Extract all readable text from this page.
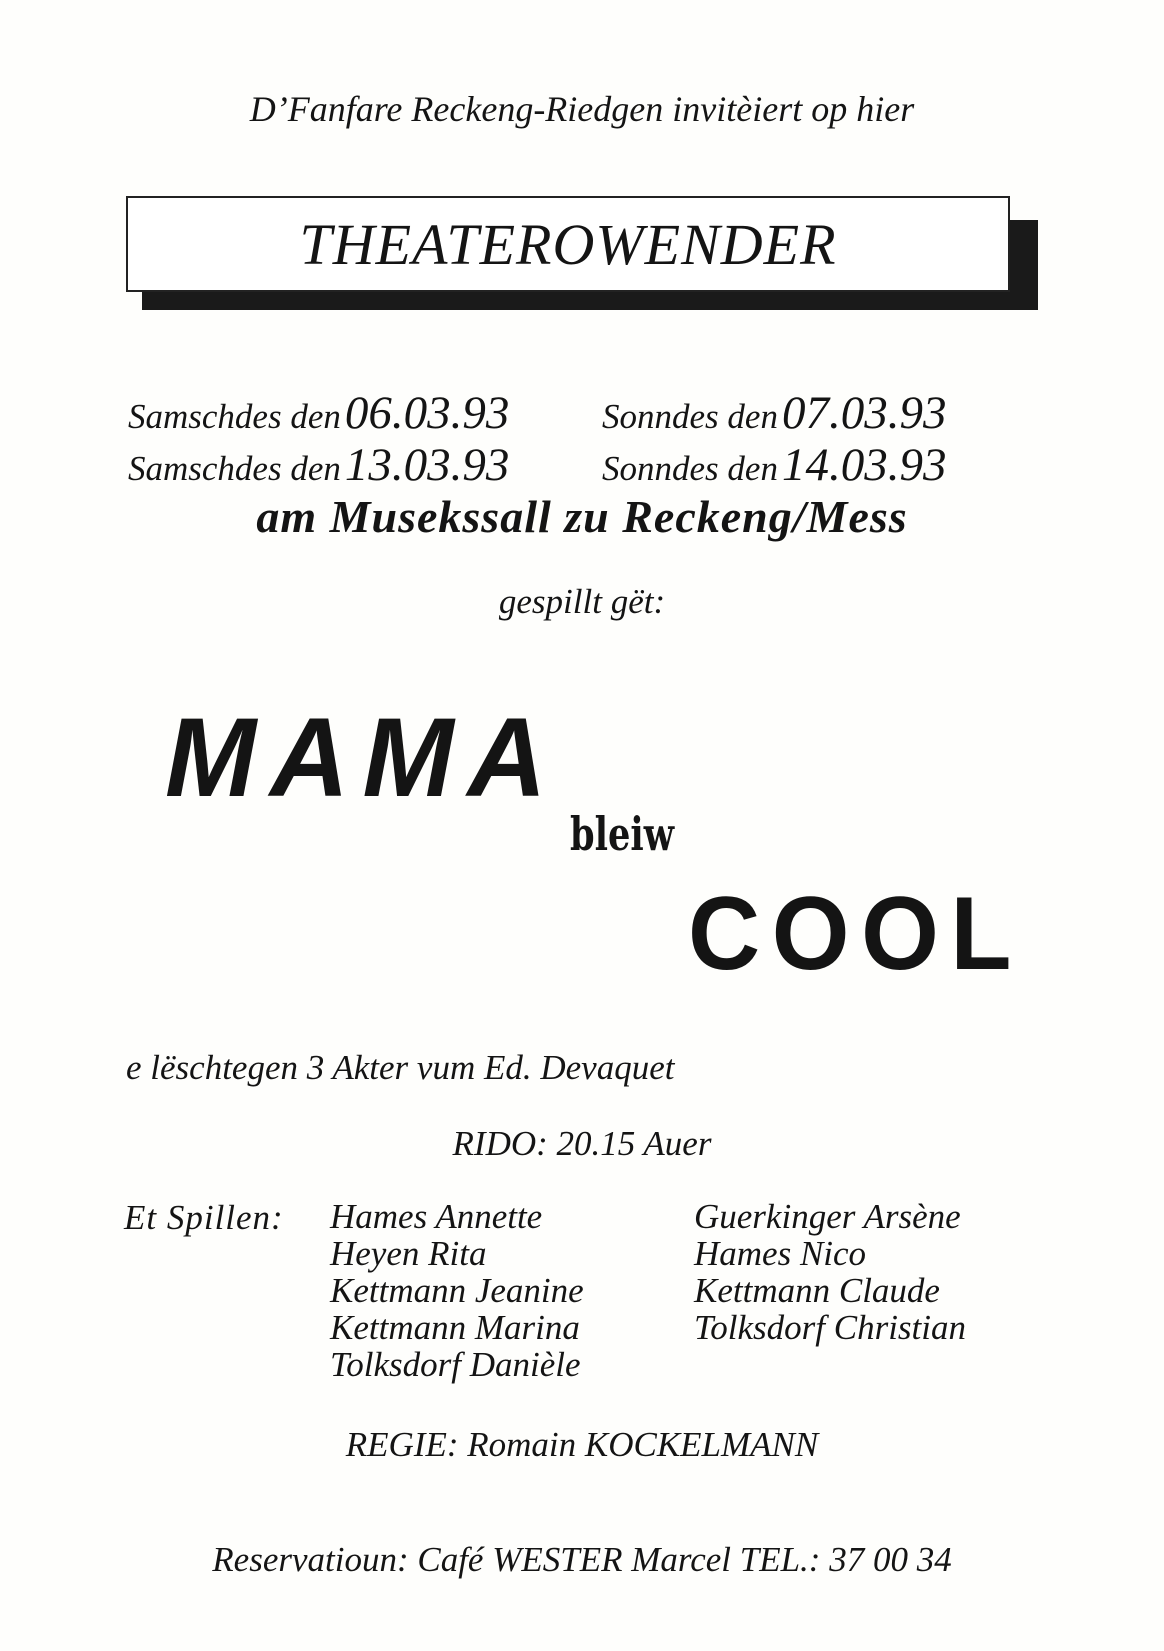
D’Fanfare Reckeng-Riedgen invitèiert op hier
THEATEROWENDER
Samschdes den 06.03.93	Sonndes den 07.03.93
Samschdes den 13.03.93	Sonndes den 14.03.93
am Musekssall zu Reckeng/Mess
gespillt gët:
MAMA
bleiw
COOL
e lëschtegen 3 Akter vum Ed. Devaquet
RIDO: 20.15 Auer
Et Spillen: Hames Annette
Heyen Rita
Kettmann Jeanine
Kettmann Marina
Tolksdorf Danièle
Guerkinger Arsène
Hames Nico
Kettmann Claude
Tolksdorf Christian
REGIE: Romain KOCKELMANN
Reservatioun: Café WESTER Marcel TEL.: 37 00 34
